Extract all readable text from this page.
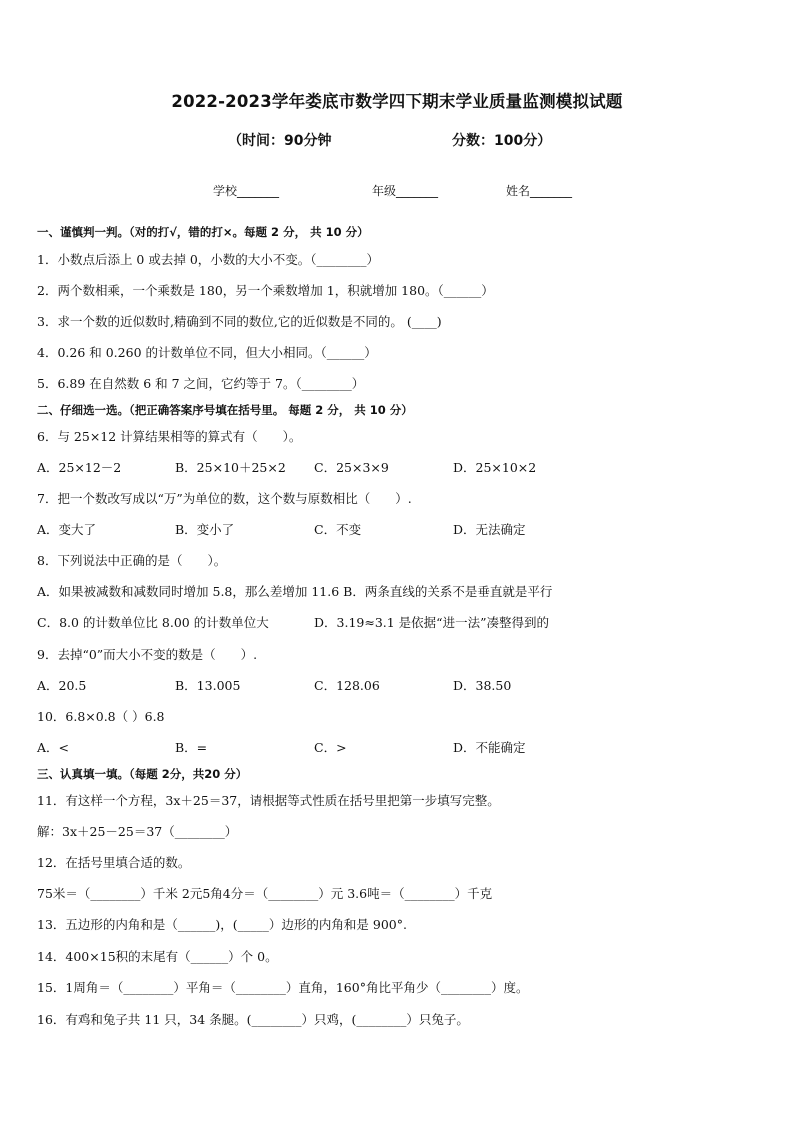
2022-2023学年娄底市数学四下期末学业质量监测模拟试题
（时间：90分钟	分数：100分）
学校_______	年级_______	姓名_______
一、谨慎判一判。（对的打√，错的打×。每题 2 分， 共 10 分）
1．小数点后添上 0 或去掉 0，小数的大小不变。（________）
2．两个数相乘，一个乘数是 180，另一个乘数增加 1，积就增加 180。（______）
3．求一个数的近似数时,精确到不同的数位,它的近似数是不同的。 (____)
4．0.26 和 0.260 的计数单位不同，但大小相同。（______）
5．6.89 在自然数 6 和 7 之间，它约等于 7。（________）
二、仔细选一选。（把正确答案序号填在括号里。 每题 2 分， 共 10 分）
6．与 25×12 计算结果相等的算式有（　　）。
A．25×12－2	B．25×10＋25×2 C．25×3×9	D．25×10×2
7．把一个数改写成以“万”为单位的数，这个数与原数相比（　　）.
A．变大了	B．变小了	C．不变	D．无法确定
8．下列说法中正确的是（　　）。
A．如果被减数和减数同时增加 5.8，那么差增加 11.6 B．两条直线的关系不是垂直就是平行
C．8.0 的计数单位比 8.00 的计数单位大	D．3.19≈3.1 是依据“进一法”凑整得到的
9．去掉“0”而大小不变的数是（　　）.
A．20.5	B．13.005	C．128.06	D．38.50
10．6.8×0.8（ ）6.8
A．<	B．=	C．>	D．不能确定
三、认真填一填。（每题 2分，共20 分）
11．有这样一个方程，3x＋25＝37，请根据等式性质在括号里把第一步填写完整。
解：3x＋25－25＝37（________）
12．在括号里填合适的数。
75米＝（________）千米 2元5角4分＝（________）元 3.6吨＝（________）千克
13．五边形的内角和是（______)，(_____）边形的内角和是 900°.
14．400×15积的末尾有（______）个 0。
15．1周角＝（________）平角＝（________）直角，160°角比平角少（________）度。
16．有鸡和兔子共 11 只，34 条腿。(________）只鸡，(________）只兔子。
